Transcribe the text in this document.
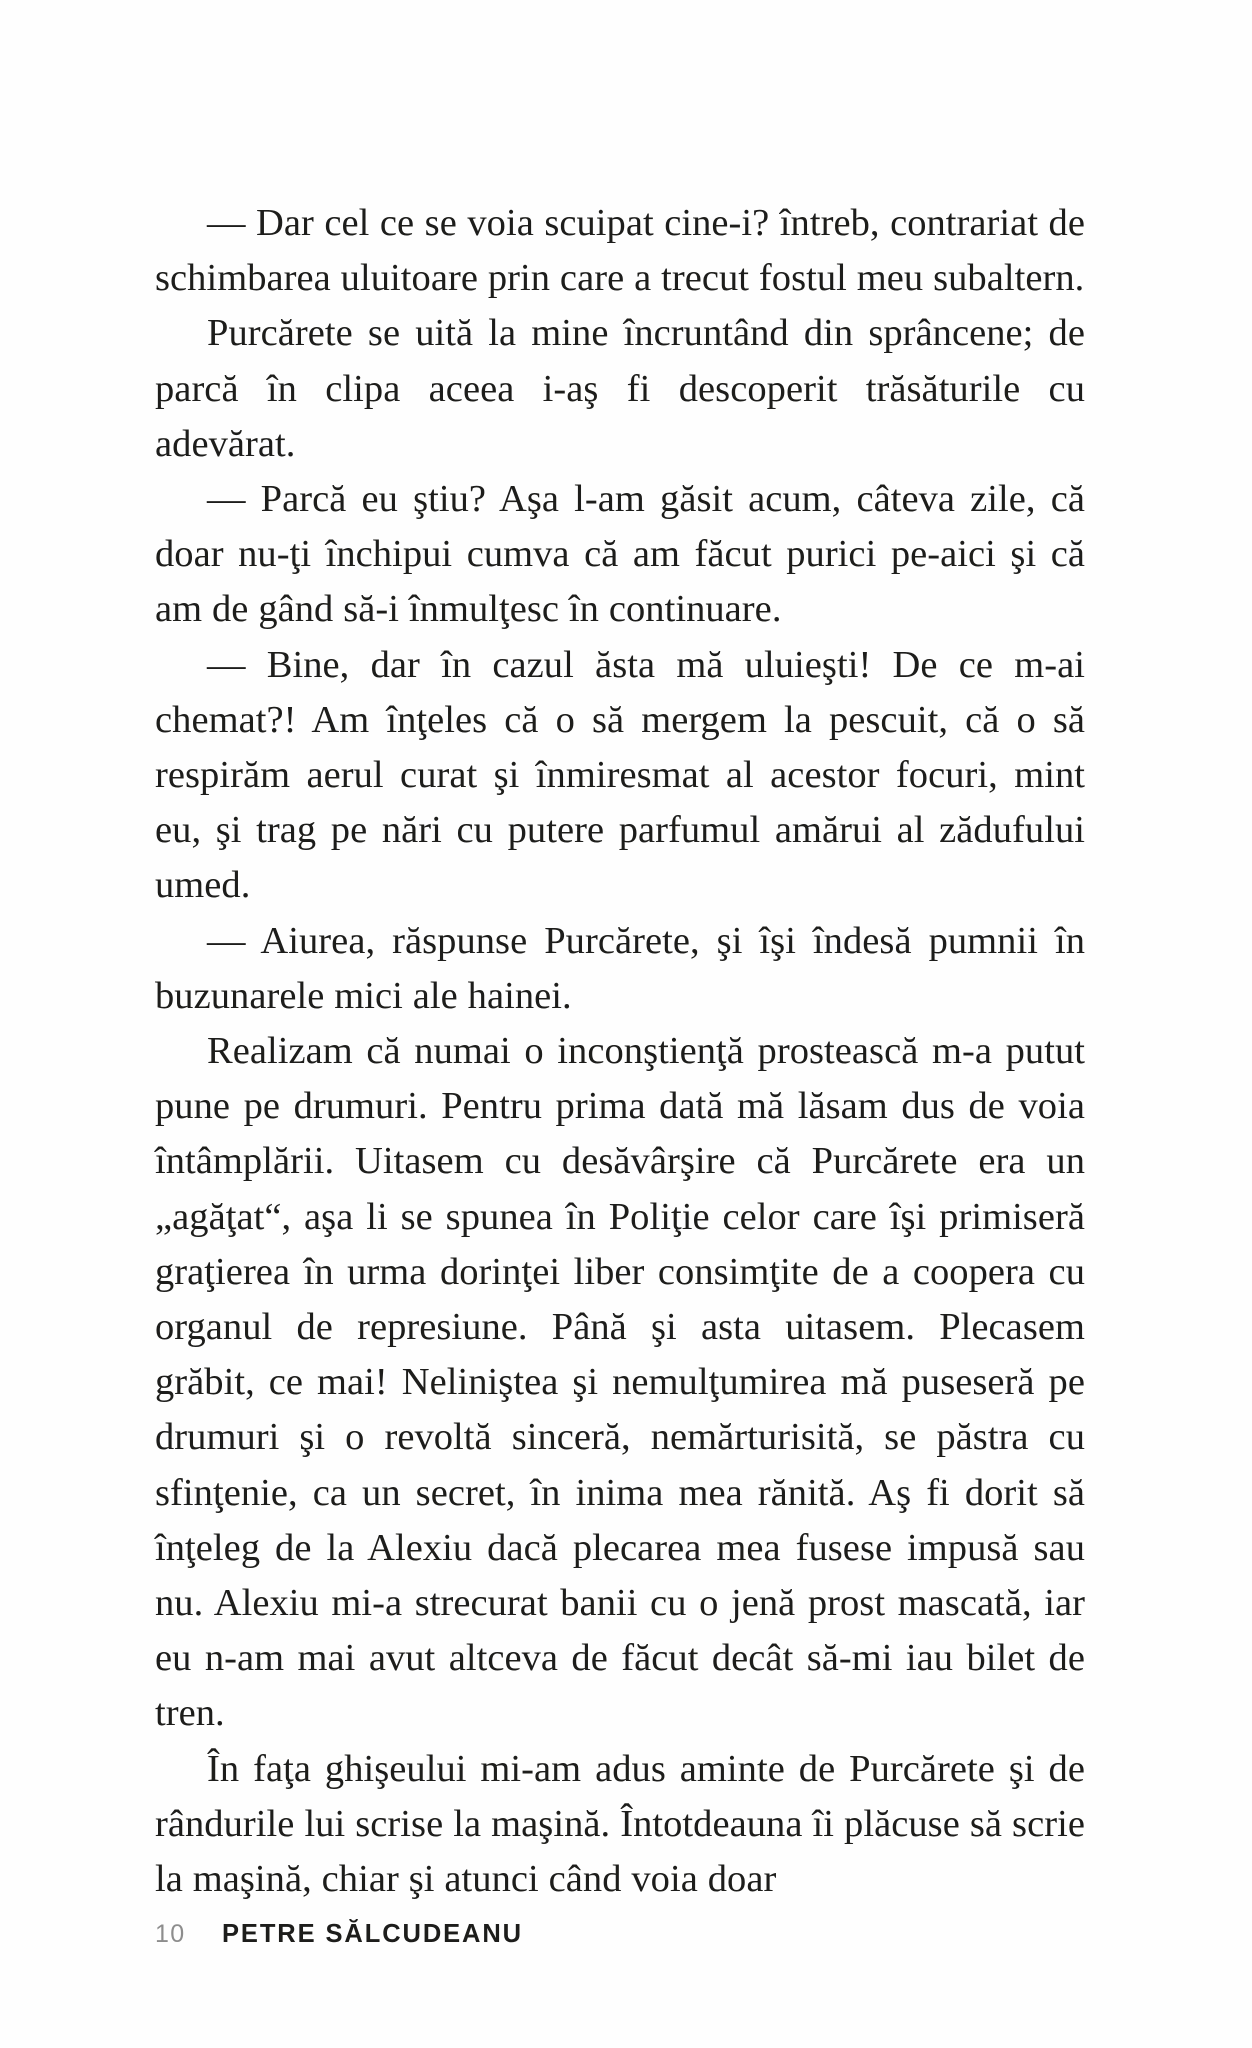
— Dar cel ce se voia scuipat cine-i? întreb, contrariat de schimbarea uluitoare prin care a trecut fostul meu subaltern.

Purcărete se uită la mine încruntând din sprâncene; de parcă în clipa aceea i-aş fi descoperit trăsăturile cu adevărat.

— Parcă eu ştiu? Aşa l-am găsit acum, câteva zile, că doar nu-ţi închipui cumva că am făcut purici pe-aici şi că am de gând să-i înmulţesc în continuare.

— Bine, dar în cazul ăsta mă uluieşti! De ce m-ai chemat?! Am înţeles că o să mergem la pescuit, că o să respirăm aerul curat şi înmiresmat al acestor focuri, mint eu, şi trag pe nări cu putere parfumul amărui al zădufului umed.

— Aiurea, răspunse Purcărete, şi îşi îndesă pumnii în buzunarele mici ale hainei.

Realizam că numai o inconştienţă prostească m-a putut pune pe drumuri. Pentru prima dată mă lăsam dus de voia întâmplării. Uitasem cu desăvârşire că Purcărete era un „agăţat“, aşa li se spunea în Poliţie celor care îşi primiseră graţierea în urma dorinţei liber consimţite de a coopera cu organul de represiune. Până şi asta uitasem. Plecasem grăbit, ce mai! Neliniştea şi nemulţumirea mă puseseră pe drumuri şi o revoltă sinceră, nemărturisită, se păstra cu sfinţenie, ca un secret, în inima mea rănită. Aş fi dorit să înţeleg de la Alexiu dacă plecarea mea fusese impusă sau nu. Alexiu mi-a strecurat banii cu o jenă prost mascată, iar eu n-am mai avut altceva de făcut decât să-mi iau bilet de tren.

În faţa ghişeului mi-am adus aminte de Purcărete şi de rândurile lui scrise la maşină. Întotdeauna îi plăcuse să scrie la maşină, chiar şi atunci când voia doar

10 PETRE SĂLCUDEANU
